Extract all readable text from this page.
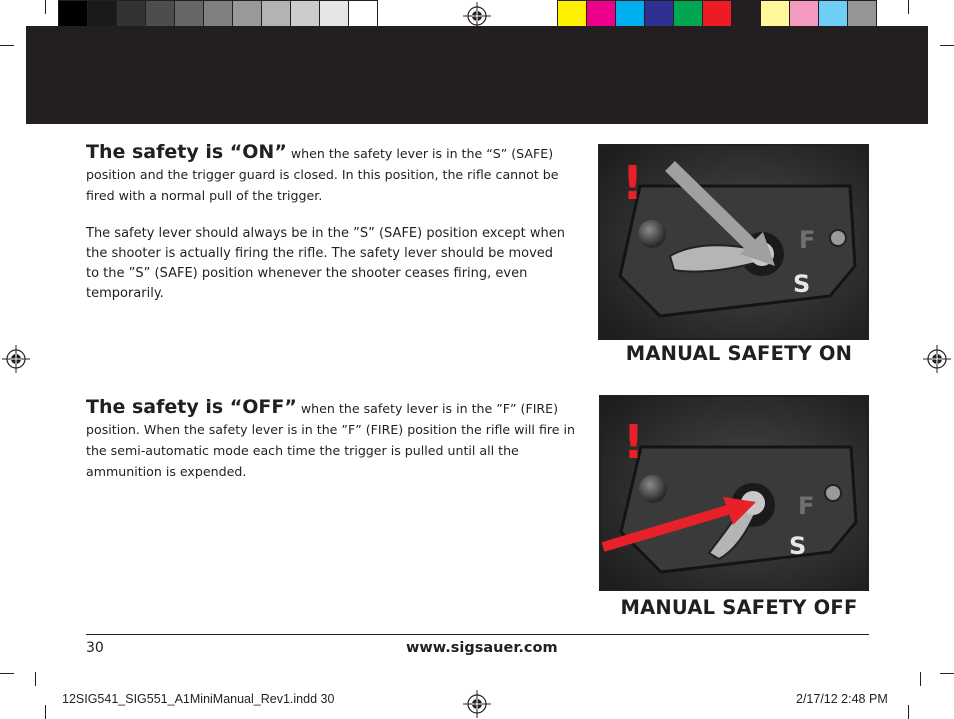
The safety is “ON” when the safety lever is in the “S” (SAFE) position and the trigger guard is closed. In this position, the rifle cannot be fired with a normal pull of the trigger.

The safety lever should always be in the ”S” (SAFE) position except when the shooter is actually firing the rifle. The safety lever should be moved to the ”S” (SAFE) position whenever the shooter ceases firing, even temporarily.

!
F
S
MANUAL SAFETY ON

The safety is “OFF” when the safety lever is in the ”F” (FIRE) position. When the safety lever is in the ”F” (FIRE) position the rifle will fire in the semi-automatic mode each time the trigger is pulled until all the ammunition is expended.

!
F
S
MANUAL SAFETY OFF
30	www.sigsauer.com
12SIG541_SIG551_A1MiniManual_Rev1.indd 30	2/17/12 2:48 PM
